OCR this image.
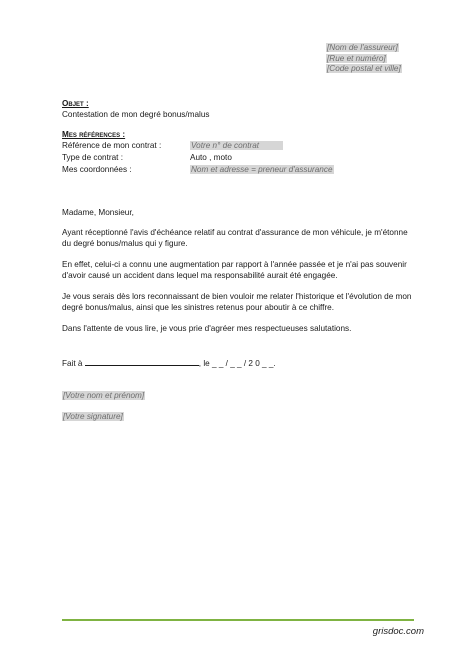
[Nom de l'assureur]
[Rue et numéro]
[Code postal et ville]
Objet :
Contestation de mon degré bonus/malus
Mes références :
Référence de mon contrat :	Votre n° de contrat
Type de contrat :	Auto , moto
Mes coordonnées :	Nom et adresse = preneur d'assurance
Madame, Monsieur,
Ayant réceptionné l'avis d'échéance relatif au contrat d'assurance de mon véhicule, je m'étonne du degré bonus/malus qui y figure.
En effet, celui-ci a connu une augmentation par rapport à l'année passée et je n'ai pas souvenir d'avoir causé un accident dans lequel ma responsabilité aurait été engagée.
Je vous serais dès lors reconnaissant de bien vouloir me relater l'historique et l'évolution de mon degré bonus/malus, ainsi que les sinistres retenus pour aboutir à ce chiffre.
Dans l'attente de vous lire, je vous prie d'agréer mes respectueuses salutations.
Fait à	, le _ _ / _ _ / 2 0 _ _.
[Votre nom et prénom]
[Votre signature]
grisdoc.com
